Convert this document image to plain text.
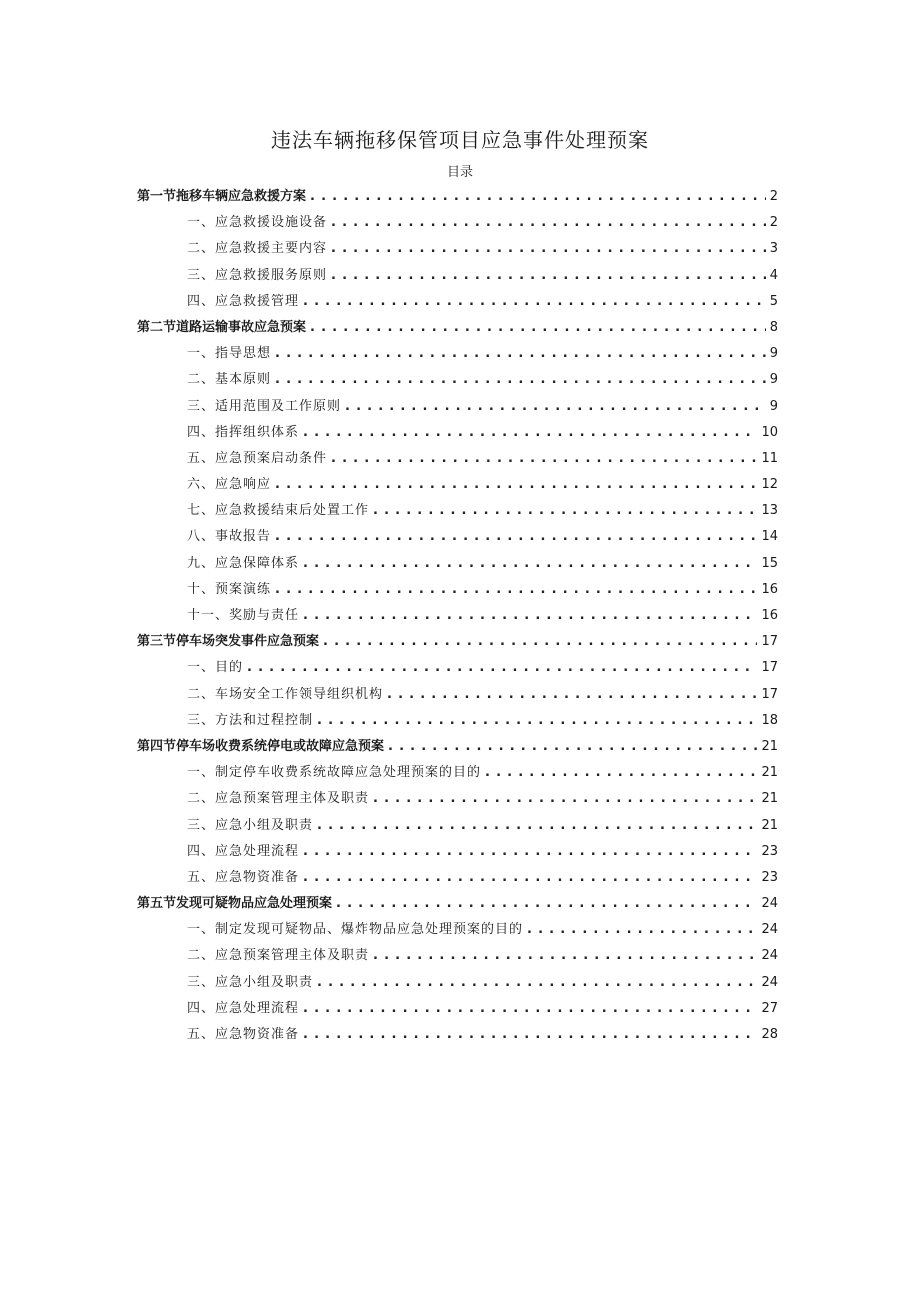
违法车辆拖移保管项目应急事件处理预案
目录
第一节拖移车辆应急救援方案 . . .	2
一、应急救援设施设备 . . .	2
二、应急救援主要内容 . . .	3
三、应急救援服务原则 . . .	4
四、应急救援管理 . . .	5
第二节道路运输事故应急预案 . . .	8
一、指导思想 . . .	9
二、基本原则 . . .	9
三、适用范围及工作原则 . . .	9
四、指挥组织体系 . . .	10
五、应急预案启动条件 . . .	11
六、应急响应 . . .	12
七、应急救援结束后处置工作 . . .	13
八、事故报告 . . .	14
九、应急保障体系 . . .	15
十、预案演练 . . .	16
十一、奖励与责任 . . .	16
第三节停车场突发事件应急预案 . . .	17
一、目的 . . .	17
二、车场安全工作领导组织机构 . . .	17
三、方法和过程控制 . . .	18
第四节停车场收费系统停电或故障应急预案 . . .	21
一、制定停车收费系统故障应急处理预案的目的 . . .	21
二、应急预案管理主体及职责 . . .	21
三、应急小组及职责 . . .	21
四、应急处理流程 . . .	23
五、应急物资准备 . . .	23
第五节发现可疑物品应急处理预案 . . .	24
一、制定发现可疑物品、爆炸物品应急处理预案的目的 . . .	24
二、应急预案管理主体及职责 . . .	24
三、应急小组及职责 . . .	24
四、应急处理流程 . . .	27
五、应急物资准备 . . .	28
